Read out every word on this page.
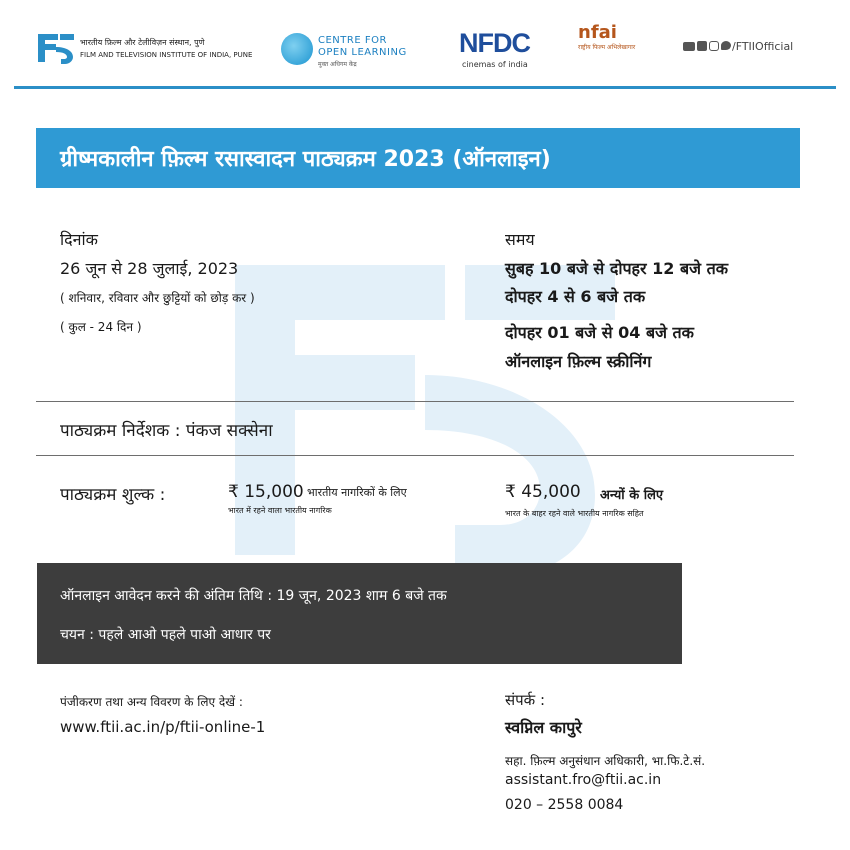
भारतीय फ़िल्म और टेलीविज़न संस्थान, पुणे
FILM AND TELEVISION INSTITUTE OF INDIA, PUNE
CENTRE FOR
OPEN LEARNING
मुक्त अधिगम केंद्र
NFDC
cinemas of india
nfai
राष्ट्रीय फिल्म अभिलेखागार	/FTIIOfficial
ग्रीष्मकालीन फ़िल्म रसास्वादन पाठ्यक्रम 2023 (ऑनलाइन)
दिनांक
26 जून से 28 जुलाई, 2023
( शनिवार, रविवार और छुट्टियों को छोड़ कर )
( कुल - 24 दिन )
समय
सुबह 10 बजे से दोपहर 12 बजे तक
दोपहर 4 से 6 बजे तक
दोपहर 01 बजे से 04 बजे तक
ऑनलाइन फ़िल्म स्क्रीनिंग
पाठ्यक्रम निर्देशक : पंकज सक्सेना
पाठ्यक्रम शुल्क :	₹ 15,000 भारतीय नागरिकों के लिए
भारत में रहने वाला भारतीय नागरिक
₹ 45,000 अन्यों के लिए
भारत के बाहर रहने वाले भारतीय नागरिक सहित
ऑनलाइन आवेदन करने की अंतिम तिथि : 19 जून, 2023 शाम 6 बजे तक
चयन : पहले आओ पहले पाओ आधार पर
पंजीकरण तथा अन्य विवरण के लिए देखें :
www.ftii.ac.in/p/ftii-online-1
संपर्क :
स्वप्निल कापुरे
सहा. फ़िल्म अनुसंधान अधिकारी, भा.फि.टे.सं.
assistant.fro@ftii.ac.in
020 – 2558 0084
